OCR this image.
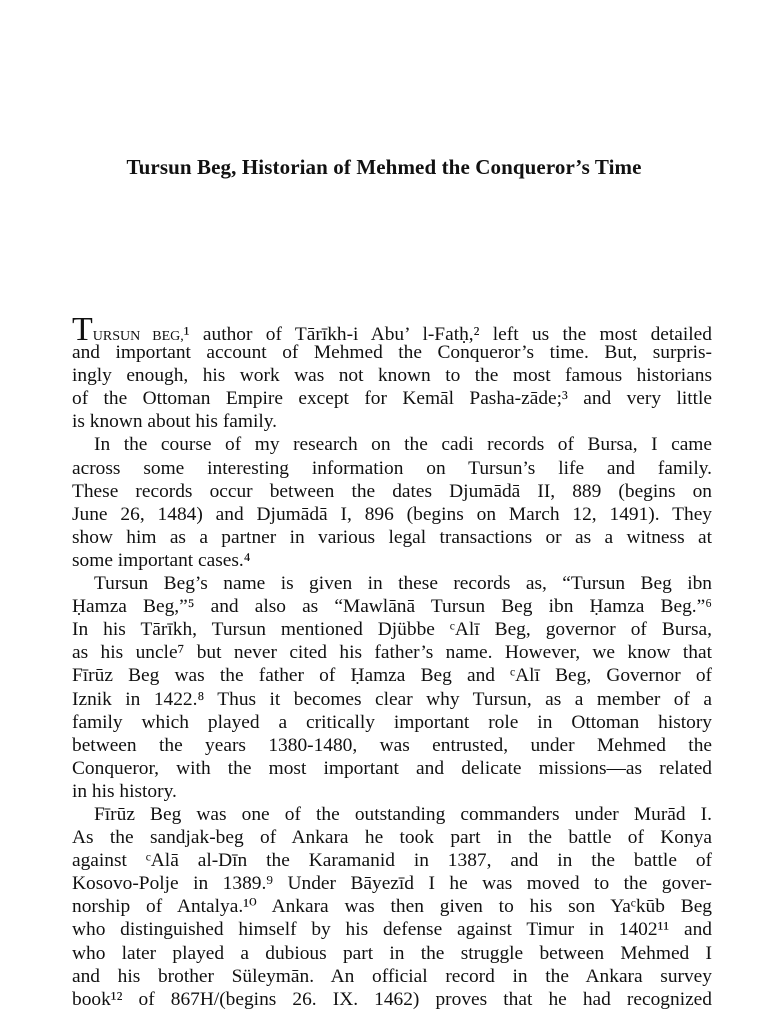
Tursun Beg, Historian of Mehmed the Conqueror’s Time
TURSUN BEG,¹ author of Tārīkh-i Abu’ l-Fatḥ,² left us the most detailed
and important account of Mehmed the Conqueror’s time. But, surpris-
ingly enough, his work was not known to the most famous historians
of the Ottoman Empire except for Kemāl Pasha-zāde;³ and very little
is known about his family.
In the course of my research on the cadi records of Bursa, I came
across some interesting information on Tursun’s life and family.
These records occur between the dates Djumādā II, 889 (begins on
June 26, 1484) and Djumādā I, 896 (begins on March 12, 1491). They
show him as a partner in various legal transactions or as a witness at
some important cases.⁴
Tursun Beg’s name is given in these records as, “Tursun Beg ibn
Ḥamza Beg,”⁵ and also as “Mawlānā Tursun Beg ibn Ḥamza Beg.”⁶
In his Tārīkh, Tursun mentioned Djübbe ᶜAlī Beg, governor of Bursa,
as his uncle⁷ but never cited his father’s name. However, we know that
Fīrūz Beg was the father of Ḥamza Beg and ᶜAlī Beg, Governor of
Iznik in 1422.⁸ Thus it becomes clear why Tursun, as a member of a
family which played a critically important role in Ottoman history
between the years 1380-1480, was entrusted, under Mehmed the
Conqueror, with the most important and delicate missions—as related
in his history.
Fīrūz Beg was one of the outstanding commanders under Murād I.
As the sandjak-beg of Ankara he took part in the battle of Konya
against ᶜAlā al-Dīn the Karamanid in 1387, and in the battle of
Kosovo-Polje in 1389.⁹ Under Bāyezīd I he was moved to the gover-
norship of Antalya.¹⁰ Ankara was then given to his son Yaᶜkūb Beg
who distinguished himself by his defense against Timur in 1402¹¹ and
who later played a dubious part in the struggle between Mehmed I
and his brother Süleymān. An official record in the Ankara survey
book¹² of 867H/(begins 26. IX. 1462) proves that he had recognized
